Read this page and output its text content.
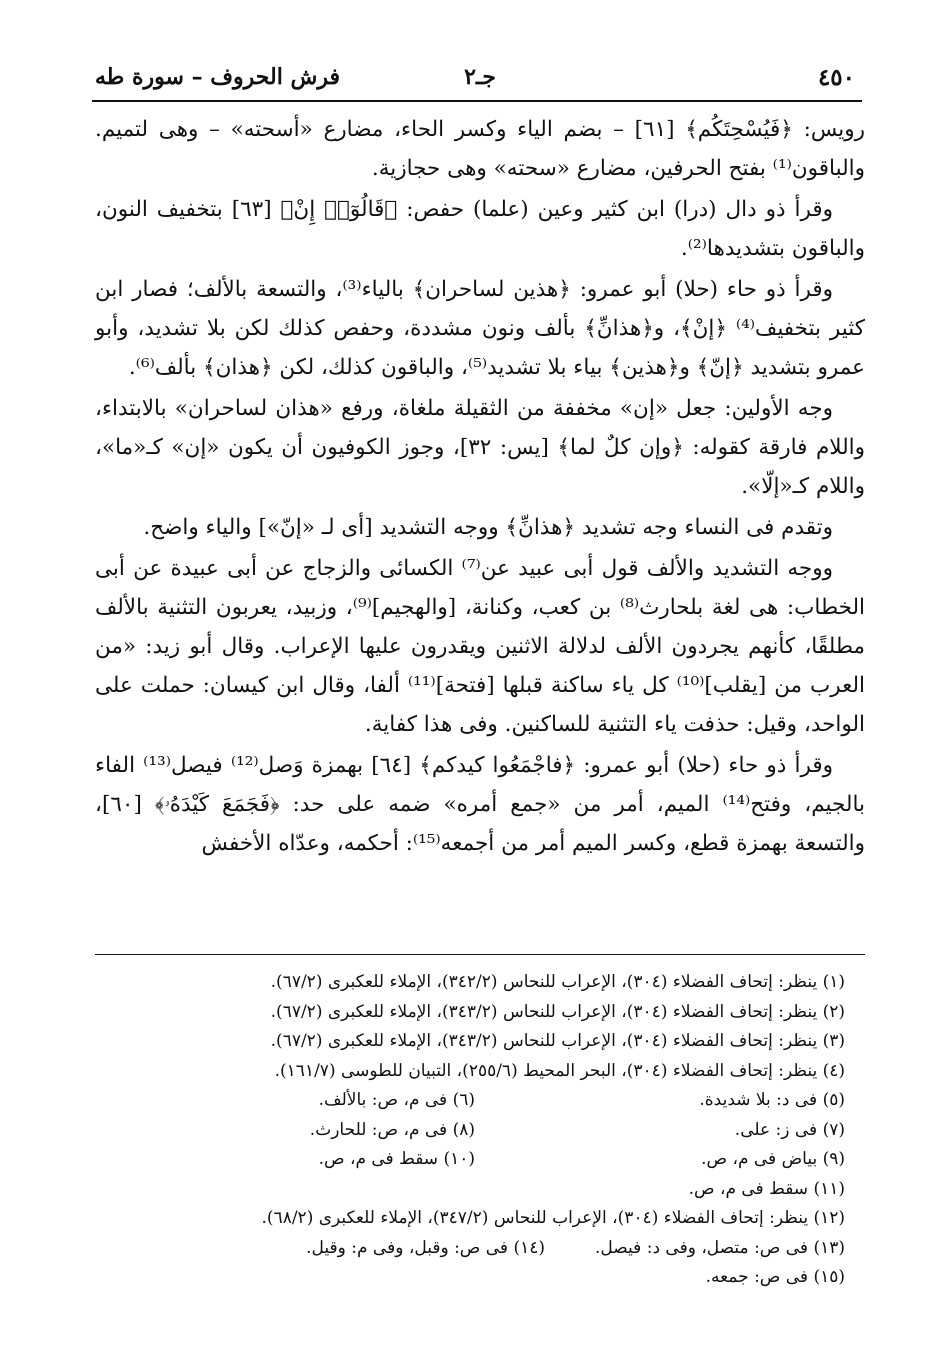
٤٥٠
جـ٢
فرش الحروف – سورة طه

رويس: ﴿فَيُسْحِتَكُم﴾ [٦١] – بضم الياء وكسر الحاء، مضارع «أسحته» – وهى لتميم. والباقون⁽¹⁾ بفتح الحرفين، مضارع «سحته» وهى حجازية.

وقرأ ذو دال (درا) ابن كثير وعين (علما) حفص: ﴿قَالُوٓا۟ إِنْ﴾ [٦٣] بتخفيف النون، والباقون بتشديدها⁽²⁾.

وقرأ ذو حاء (حلا) أبو عمرو: ﴿هذين لساحران﴾ بالياء⁽³⁾، والتسعة بالألف؛ فصار ابن كثير بتخفيف⁽⁴⁾ ﴿إنْ﴾، و﴿هذانِّ﴾ بألف ونون مشددة، وحفص كذلك لكن بلا تشديد، وأبو عمرو بتشديد ﴿إنّ﴾ و﴿هذين﴾ بياء بلا تشديد⁽⁵⁾، والباقون كذلك، لكن ﴿هذان﴾ بألف⁽⁶⁾.

وجه الأولين: جعل «إن» مخففة من الثقيلة ملغاة، ورفع «هذان لساحران» بالابتداء، واللام فارقة كقوله: ﴿وإن كلٌ لما﴾ [يس: ٣٢]، وجوز الكوفيون أن يكون «إن» كـ«ما»، واللام كـ«إلّا».

وتقدم فى النساء وجه تشديد ﴿هذانِّ﴾ ووجه التشديد [أى لـ «إنّ»] والياء واضح.

ووجه التشديد والألف قول أبى عبيد عن⁽⁷⁾ الكسائى والزجاج عن أبى عبيدة عن أبى الخطاب: هى لغة بلحارث⁽⁸⁾ بن كعب، وكنانة، [والهجيم]⁽⁹⁾، وزبيد، يعربون التثنية بالألف مطلقًا، كأنهم يجردون الألف لدلالة الاثنين ويقدرون عليها الإعراب. وقال أبو زيد: «من العرب من [يقلب]⁽¹⁰⁾ كل ياء ساكنة قبلها [فتحة]⁽¹¹⁾ ألفا، وقال ابن كيسان: حملت على الواحد، وقيل: حذفت ياء التثنية للساكنين. وفى هذا كفاية.

وقرأ ذو حاء (حلا) أبو عمرو: ﴿فاجْمَعُوا كيدكم﴾ [٦٤] بهمزة وَصل⁽¹²⁾ فيصل⁽¹³⁾ الفاء بالجيم، وفتح⁽¹⁴⁾ الميم، أمر من «جمع أمره» ضمه على حد: ﴿فَجَمَعَ كَيْدَهُۥ﴾ [٦٠]، والتسعة بهمزة قطع، وكسر الميم أمر من أجمعه⁽¹⁵⁾: أحكمه، وعدّاه الأخفش

(١) ينظر: إتحاف الفضلاء (٣٠٤)، الإعراب للنحاس (٣٤٢/٢)، الإملاء للعكبرى (٦٧/٢).
(٢) ينظر: إتحاف الفضلاء (٣٠٤)، الإعراب للنحاس (٣٤٣/٢)، الإملاء للعكبرى (٦٧/٢).
(٣) ينظر: إتحاف الفضلاء (٣٠٤)، الإعراب للنحاس (٣٤٣/٢)، الإملاء للعكبرى (٦٧/٢).
(٤) ينظر: إتحاف الفضلاء (٣٠٤)، البحر المحيط (٢٥٥/٦)، التبيان للطوسى (١٦١/٧).
(٥) فى د: بلا شديدة.
(٦) فى م، ص: بالألف.
(٧) فى ز: على.
(٨) فى م، ص: للحارث.
(٩) بياض فى م، ص.
(١٠) سقط فى م، ص.
(١١) سقط فى م، ص.
(١٢) ينظر: إتحاف الفضلاء (٣٠٤)، الإعراب للنحاس (٣٤٧/٢)، الإملاء للعكبرى (٦٨/٢).
(١٣) فى ص: متصل، وفى د: فيصل.
(١٤) فى ص: وقبل، وفى م: وقيل.
(١٥) فى ص: جمعه.
